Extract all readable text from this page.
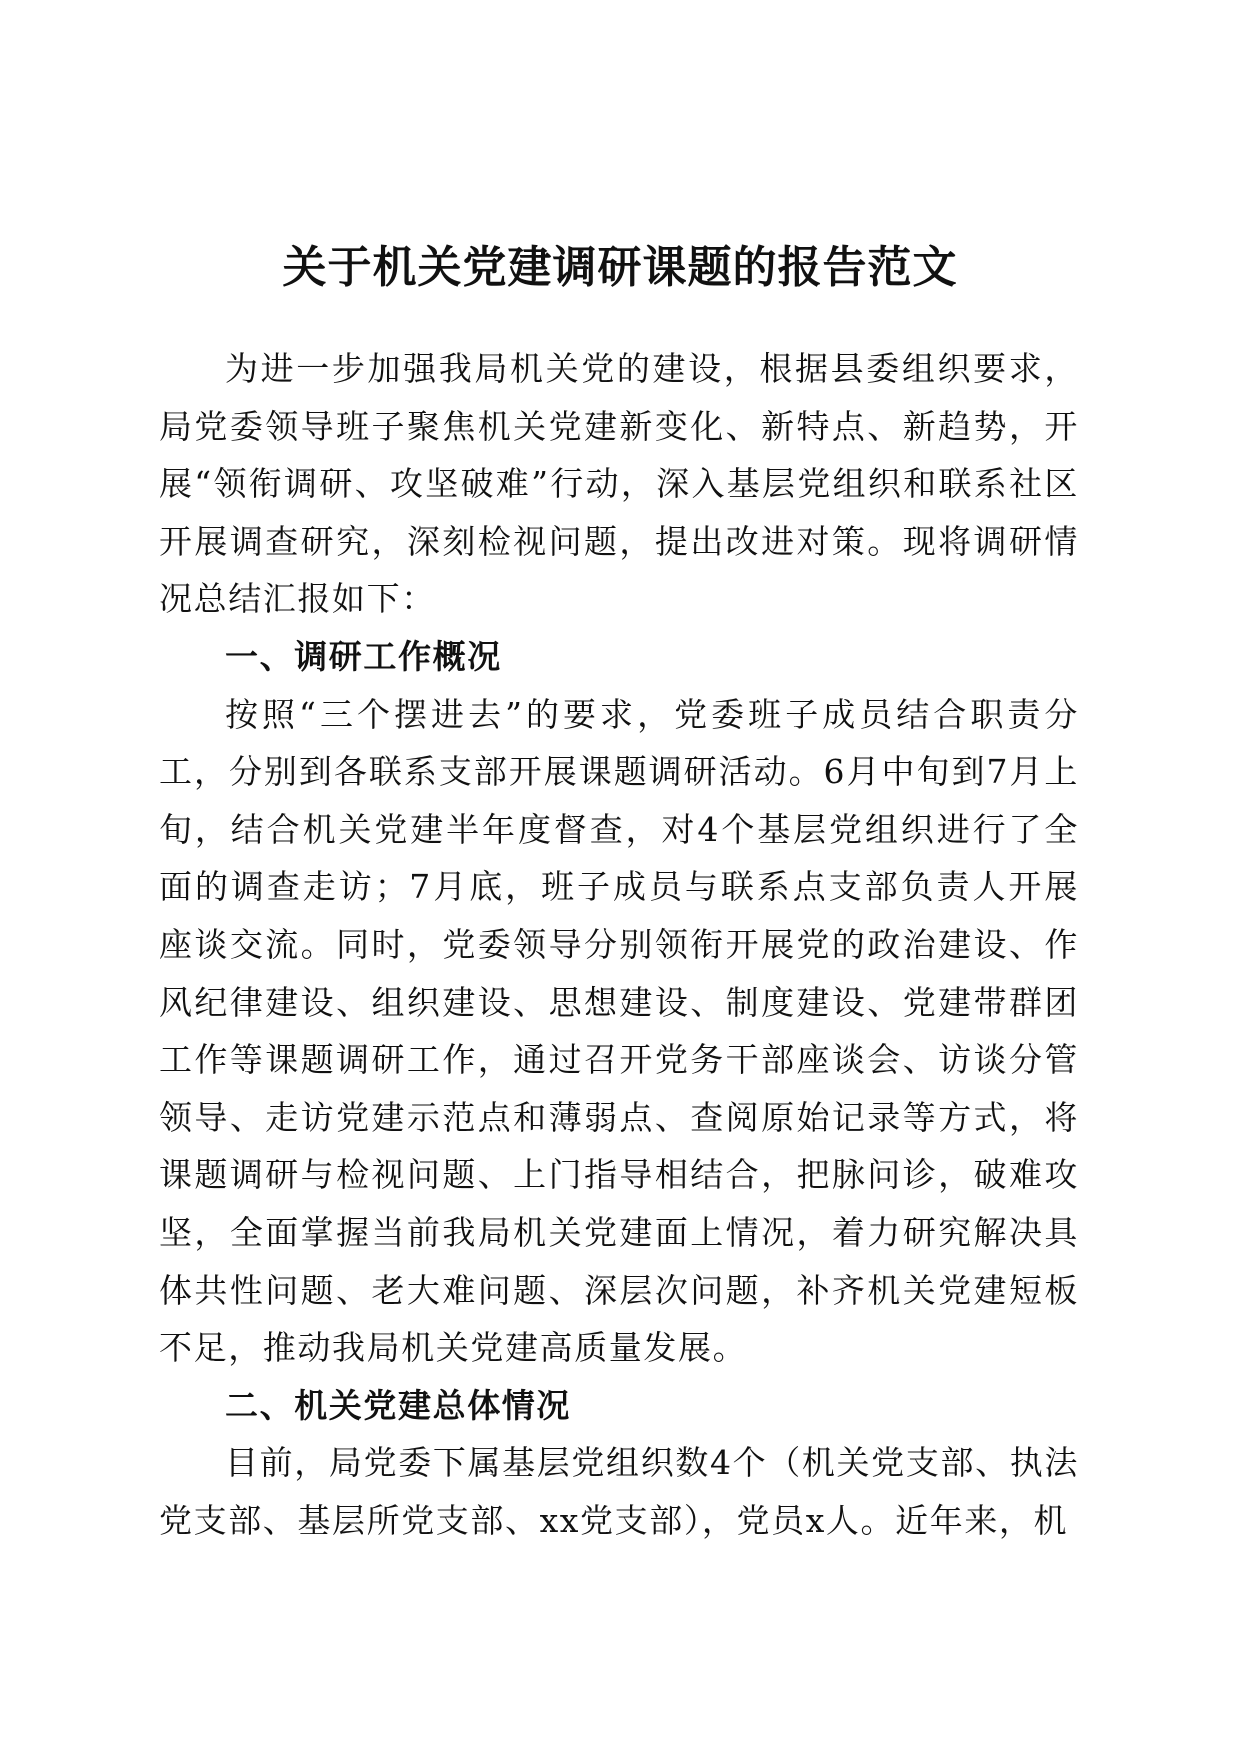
关于机关党建调研课题的报告范文

为进一步加强我局机关党的建设，根据县委组织要求，局党委领导班子聚焦机关党建新变化、新特点、新趋势，开展“领衔调研、攻坚破难”行动，深入基层党组织和联系社区开展调查研究，深刻检视问题，提出改进对策。现将调研情况总结汇报如下：

一、调研工作概况

按照“三个摆进去”的要求，党委班子成员结合职责分工，分别到各联系支部开展课题调研活动。6月中旬到7月上旬，结合机关党建半年度督查，对4个基层党组织进行了全面的调查走访；7月底，班子成员与联系点支部负责人开展座谈交流。同时，党委领导分别领衔开展党的政治建设、作风纪律建设、组织建设、思想建设、制度建设、党建带群团工作等课题调研工作，通过召开党务干部座谈会、访谈分管领导、走访党建示范点和薄弱点、查阅原始记录等方式，将课题调研与检视问题、上门指导相结合，把脉问诊，破难攻坚，全面掌握当前我局机关党建面上情况，着力研究解决具体共性问题、老大难问题、深层次问题，补齐机关党建短板不足，推动我局机关党建高质量发展。

二、机关党建总体情况

目前，局党委下属基层党组织数4个（机关党支部、执法党支部、基层所党支部、xx党支部），党员x人。近年来，机
